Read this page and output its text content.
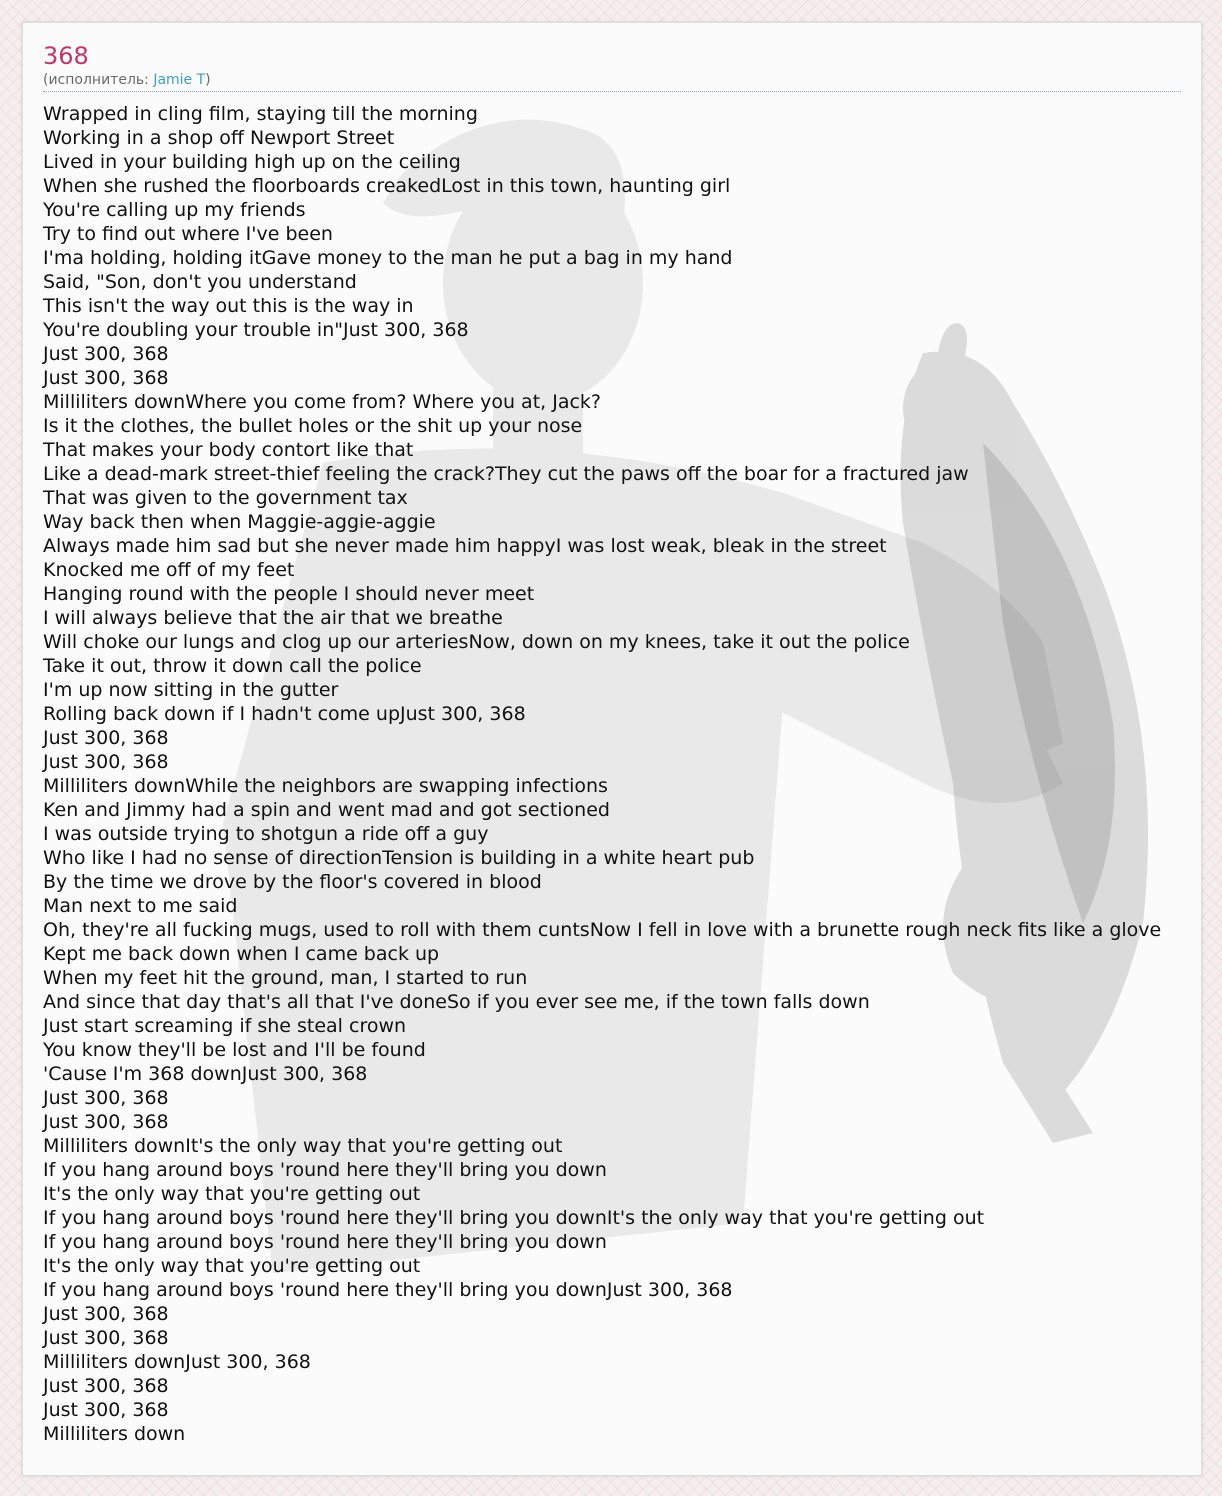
368
(исполнитель: Jamie T)
Wrapped in cling film, staying till the morning
Working in a shop off Newport Street
Lived in your building high up on the ceiling
When she rushed the floorboards creakedLost in this town, haunting girl
You're calling up my friends
Try to find out where I've been
I'ma holding, holding itGave money to the man he put a bag in my hand
Said, "Son, don't you understand
This isn't the way out this is the way in
You're doubling your trouble in"Just 300, 368
Just 300, 368
Just 300, 368
Milliliters downWhere you come from? Where you at, Jack?
Is it the clothes, the bullet holes or the shit up your nose
That makes your body contort like that
Like a dead-mark street-thief feeling the crack?They cut the paws off the boar for a fractured jaw
That was given to the government tax
Way back then when Maggie-aggie-aggie
Always made him sad but she never made him happyI was lost weak, bleak in the street
Knocked me off of my feet
Hanging round with the people I should never meet
I will always believe that the air that we breathe
Will choke our lungs and clog up our arteriesNow, down on my knees, take it out the police
Take it out, throw it down call the police
I'm up now sitting in the gutter
Rolling back down if I hadn't come upJust 300, 368
Just 300, 368
Just 300, 368
Milliliters downWhile the neighbors are swapping infections
Ken and Jimmy had a spin and went mad and got sectioned
I was outside trying to shotgun a ride off a guy
Who like I had no sense of directionTension is building in a white heart pub
By the time we drove by the floor's covered in blood
Man next to me said
Oh, they're all fucking mugs, used to roll with them cuntsNow I fell in love with a brunette rough neck fits like a glove
Kept me back down when I came back up
When my feet hit the ground, man, I started to run
And since that day that's all that I've doneSo if you ever see me, if the town falls down
Just start screaming if she steal crown
You know they'll be lost and I'll be found
'Cause I'm 368 downJust 300, 368
Just 300, 368
Just 300, 368
Milliliters downIt's the only way that you're getting out
If you hang around boys 'round here they'll bring you down
It's the only way that you're getting out
If you hang around boys 'round here they'll bring you downIt's the only way that you're getting out
If you hang around boys 'round here they'll bring you down
It's the only way that you're getting out
If you hang around boys 'round here they'll bring you downJust 300, 368
Just 300, 368
Just 300, 368
Milliliters downJust 300, 368
Just 300, 368
Just 300, 368
Milliliters down
